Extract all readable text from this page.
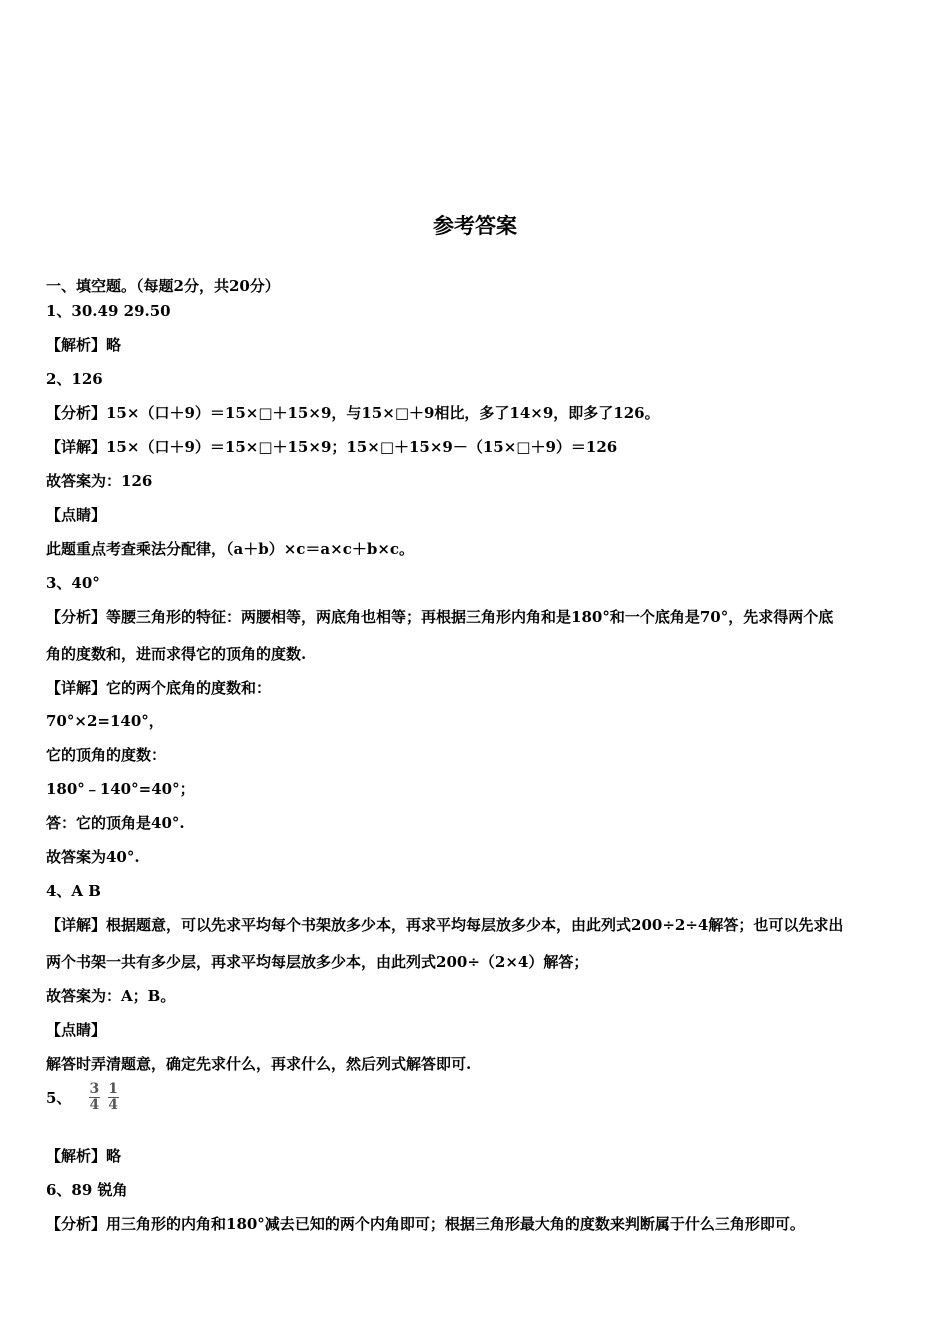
参考答案
一、填空题。（每题2分，共20分）
1、30.49 29.50
【解析】略
2、126
【分析】15×（口＋9）＝15×□＋15×9，与15×□＋9相比，多了14×9，即多了126。
【详解】15×（口＋9）＝15×□＋15×9；15×□＋15×9－（15×□＋9）＝126
故答案为：126
【点睛】
此题重点考查乘法分配律，（a＋b）×c＝a×c＋b×c。
3、40°
【分析】等腰三角形的特征：两腰相等，两底角也相等；再根据三角形内角和是180°和一个底角是70°，先求得两个底
角的度数和，进而求得它的顶角的度数.
【详解】它的两个底角的度数和：
70°×2=140°，
它的顶角的度数：
180°﹣140°=40°；
答：它的顶角是40°.
故答案为40°.
4、A B
【详解】根据题意，可以先求平均每个书架放多少本，再求平均每层放多少本，由此列式200÷2÷4解答；也可以先求出
两个书架一共有多少层，再求平均每层放多少本，由此列式200÷（2×4）解答；
故答案为：A；B。
【点睛】
解答时弄清题意，确定先求什么，再求什么，然后列式解答即可.
5、 $\frac{3}{4} \frac{1}{4}$
【解析】略
6、89 锐角
【分析】用三角形的内角和180°减去已知的两个内角即可；根据三角形最大角的度数来判断属于什么三角形即可。
